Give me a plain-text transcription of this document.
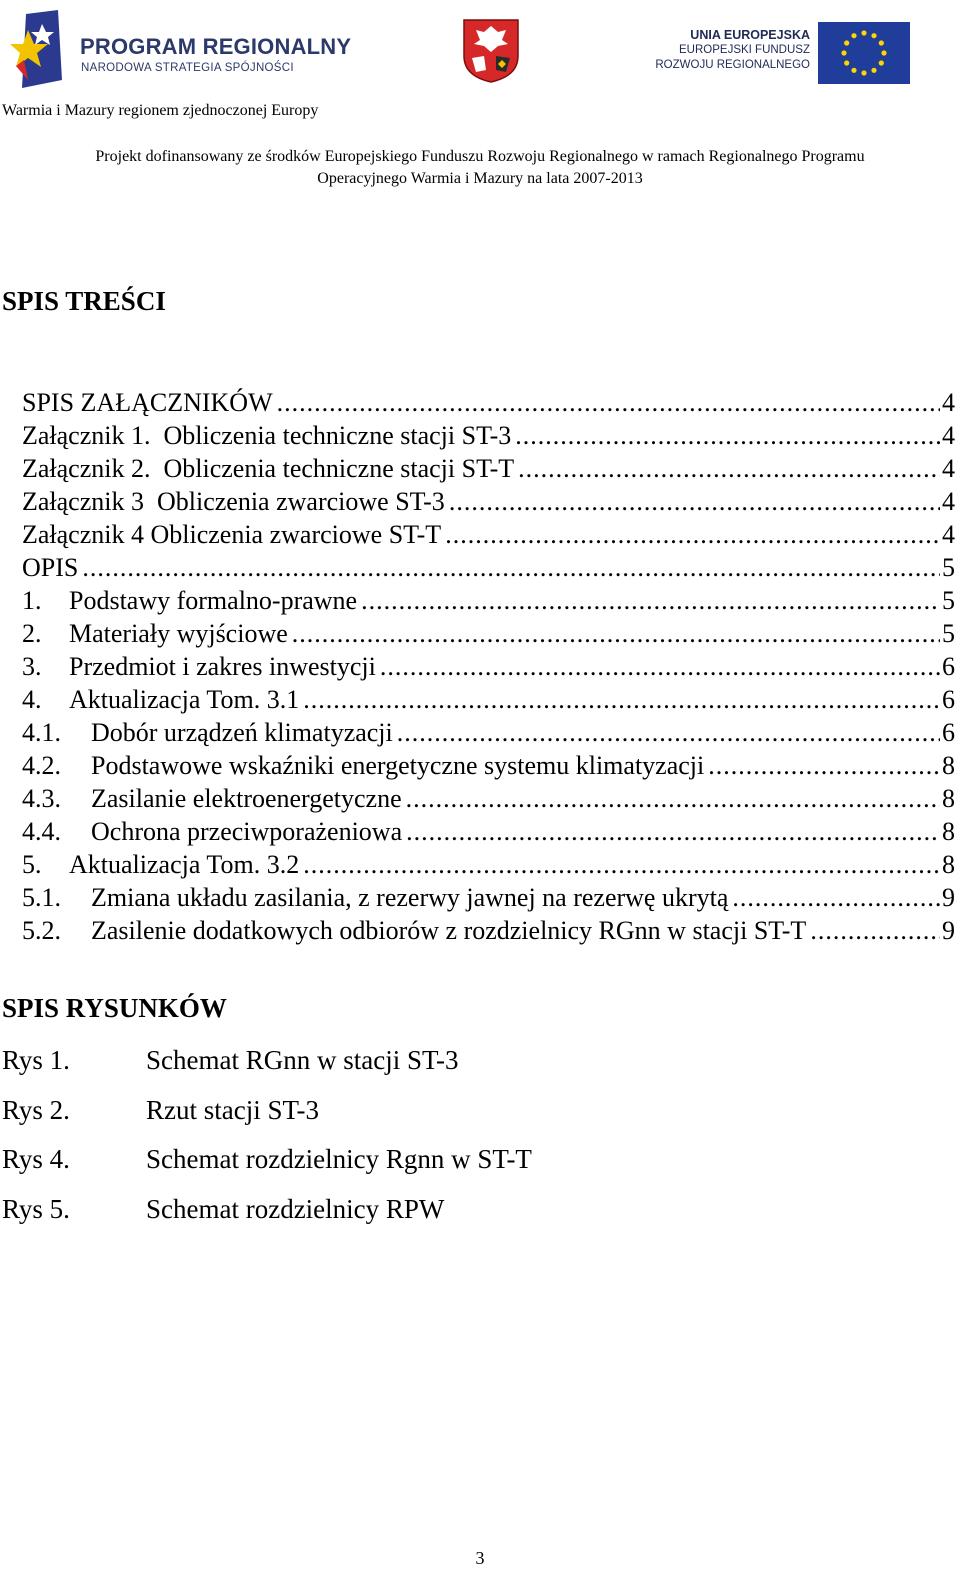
PROGRAM REGIONALNY
NARODOWA STRATEGIA SPÓJNOŚCI
UNIA EUROPEJSKA
EUROPEJSKI FUNDUSZ
ROZWOJU REGIONALNEGO
Warmia i Mazury regionem zjednoczonej Europy
Projekt dofinansowany ze środków Europejskiego Funduszu Rozwoju Regionalnego w ramach Regionalnego Programu
Operacyjnego Warmia i Mazury na lata 2007-2013
SPIS TREŚCI
SPIS ZAŁĄCZNIKÓW .....	4
Załącznik 1.  Obliczenia techniczne stacji ST-3 .....	4
Załącznik 2.  Obliczenia techniczne stacji ST-T .....	4
Załącznik 3  Obliczenia zwarciowe ST-3 .....	4
Załącznik 4 Obliczenia zwarciowe ST-T .....	4
OPIS .....	5
1.	Podstawy formalno-prawne .....	5
2.	Materiały wyjściowe .....	5
3.	Przedmiot i zakres inwestycji .....	6
4.	Aktualizacja Tom. 3.1 .....	6
4.1.	Dobór urządzeń klimatyzacji .....	6
4.2.	Podstawowe wskaźniki energetyczne systemu klimatyzacji .....	8
4.3.	Zasilanie elektroenergetyczne .....	8
4.4.	Ochrona przeciwporażeniowa .....	8
5.	Aktualizacja Tom. 3.2 .....	8
5.1.	Zmiana układu zasilania, z rezerwy jawnej na rezerwę ukrytą .....	9
5.2.	Zasilenie dodatkowych odbiorów z rozdzielnicy RGnn w stacji ST-T .....	9
SPIS RYSUNKÓW
Rys 1.	Schemat RGnn w stacji ST-3
Rys 2.	Rzut stacji ST-3
Rys 4.	Schemat rozdzielnicy Rgnn w ST-T
Rys 5.	Schemat rozdzielnicy RPW
3
